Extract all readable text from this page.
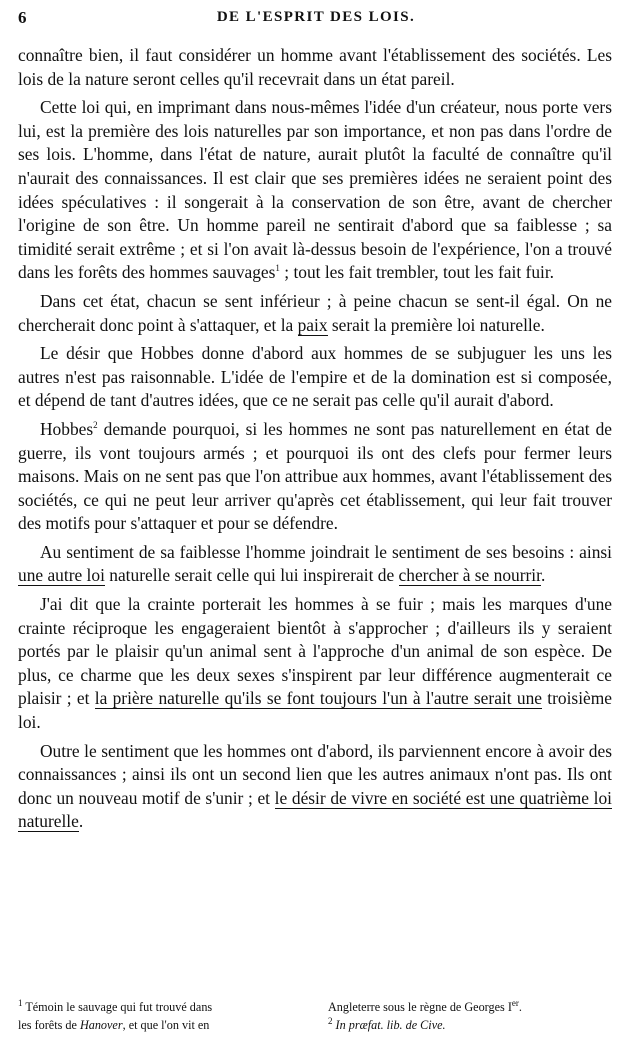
6	DE L'ESPRIT DES LOIS.

connaître bien, il faut considérer un homme avant l'établissement des sociétés. Les lois de la nature seront celles qu'il recevrait dans un état pareil.

Cette loi qui, en imprimant dans nous-mêmes l'idée d'un créateur, nous porte vers lui, est la première des lois naturelles par son importance, et non pas dans l'ordre de ses lois. L'homme, dans l'état de nature, aurait plutôt la faculté de connaître qu'il n'aurait des connaissances. Il est clair que ses premières idées ne seraient point des idées spéculatives : il songerait à la conservation de son être, avant de chercher l'origine de son être. Un homme pareil ne sentirait d'abord que sa faiblesse ; sa timidité serait extrême ; et si l'on avait là-dessus besoin de l'expérience, l'on a trouvé dans les forêts des hommes sauvages$^1$ ; tout les fait trembler, tout les fait fuir.

Dans cet état, chacun se sent inférieur ; à peine chacun se sent-il égal. On ne chercherait donc point à s'attaquer, et la paix serait la première loi naturelle.

Le désir que Hobbes donne d'abord aux hommes de se subjuguer les uns les autres n'est pas raisonnable. L'idée de l'empire et de la domination est si composée, et dépend de tant d'autres idées, que ce ne serait pas celle qu'il aurait d'abord.

Hobbes$^2$ demande pourquoi, si les hommes ne sont pas naturellement en état de guerre, ils vont toujours armés ; et pourquoi ils ont des clefs pour fermer leurs maisons. Mais on ne sent pas que l'on attribue aux hommes, avant l'établissement des sociétés, ce qui ne peut leur arriver qu'après cet établissement, qui leur fait trouver des motifs pour s'attaquer et pour se défendre.

Au sentiment de sa faiblesse l'homme joindrait le sentiment de ses besoins : ainsi une autre loi naturelle serait celle qui lui inspirerait de chercher à se nourrir.

J'ai dit que la crainte porterait les hommes à se fuir ; mais les marques d'une crainte réciproque les engageraient bientôt à s'approcher ; d'ailleurs ils y seraient portés par le plaisir qu'un animal sent à l'approche d'un animal de son espèce. De plus, ce charme que les deux sexes s'inspirent par leur différence augmenterait ce plaisir ; et la prière naturelle qu'ils se font toujours l'un à l'autre serait une troisième loi.

Outre le sentiment que les hommes ont d'abord, ils parviennent encore à avoir des connaissances ; ainsi ils ont un second lien que les autres animaux n'ont pas. Ils ont donc un nouveau motif de s'unir ; et le désir de vivre en société est une quatrième loi naturelle.

$^1$ Témoin le sauvage qui fut trouvé dans
les forêts de Hanover, et que l'on vit en
Angleterre sous le règne de Georges Ier.
$^2$ In præfat. lib. de Cive.
